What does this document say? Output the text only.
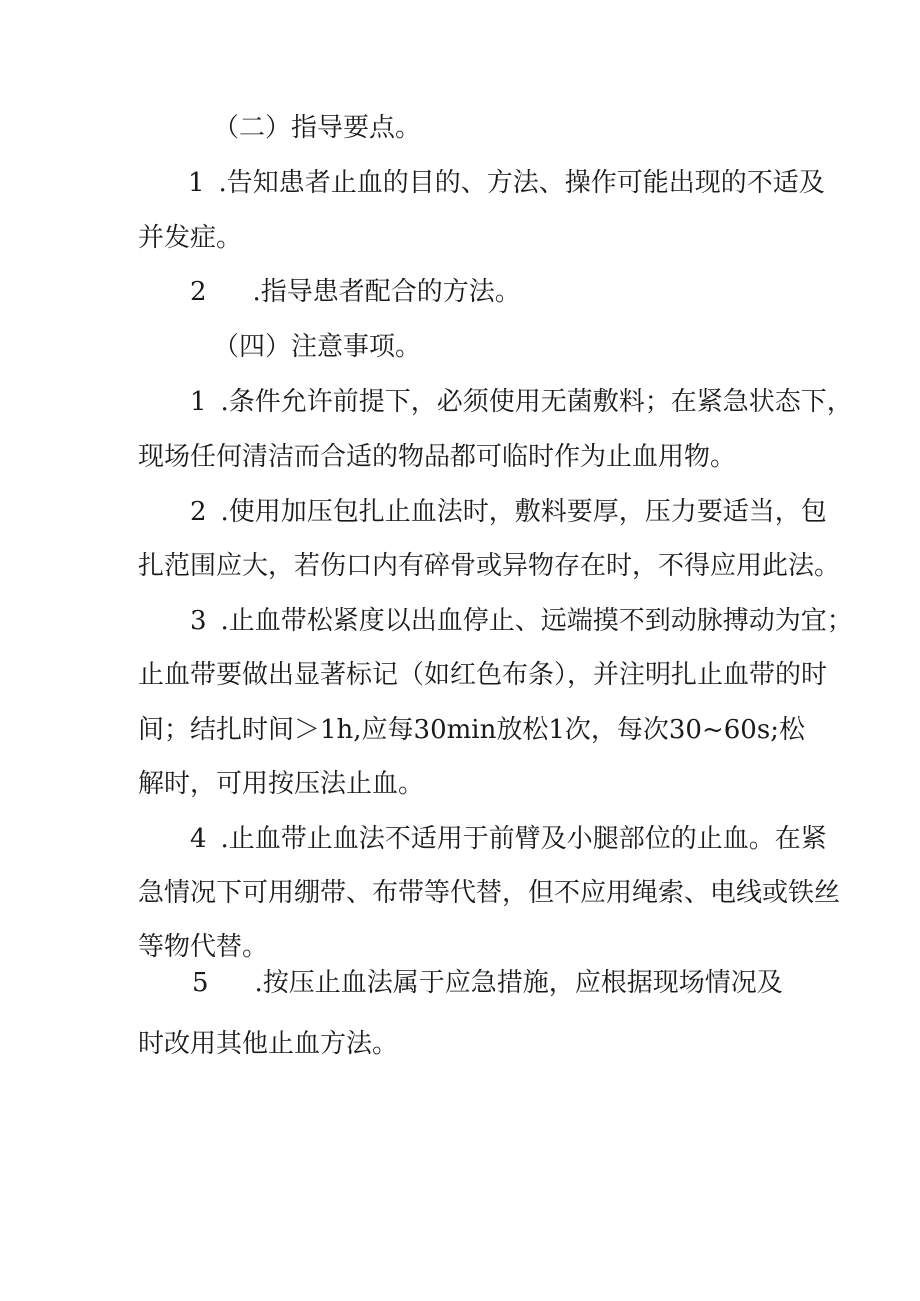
（二）指导要点。
1 .告知患者止血的目的、方法、操作可能出现的不适及
并发症。
2 .指导患者配合的方法。
（四）注意事项。
1 .条件允许前提下，必须使用无菌敷料；在紧急状态下，
现场任何清洁而合适的物品都可临时作为止血用物。
2 .使用加压包扎止血法时，敷料要厚，压力要适当，包
扎范围应大，若伤口内有碎骨或异物存在时，不得应用此法。
3 .止血带松紧度以出血停止、远端摸不到动脉搏动为宜；
止血带要做出显著标记（如红色布条），并注明扎止血带的时
间；结扎时间＞1h,应每30min放松1次，每次30~60s;松
解时，可用按压法止血。
4 .止血带止血法不适用于前臂及小腿部位的止血。在紧
急情况下可用绷带、布带等代替，但不应用绳索、电线或铁丝
等物代替。
5 .按压止血法属于应急措施，应根据现场情况及
时改用其他止血方法。
